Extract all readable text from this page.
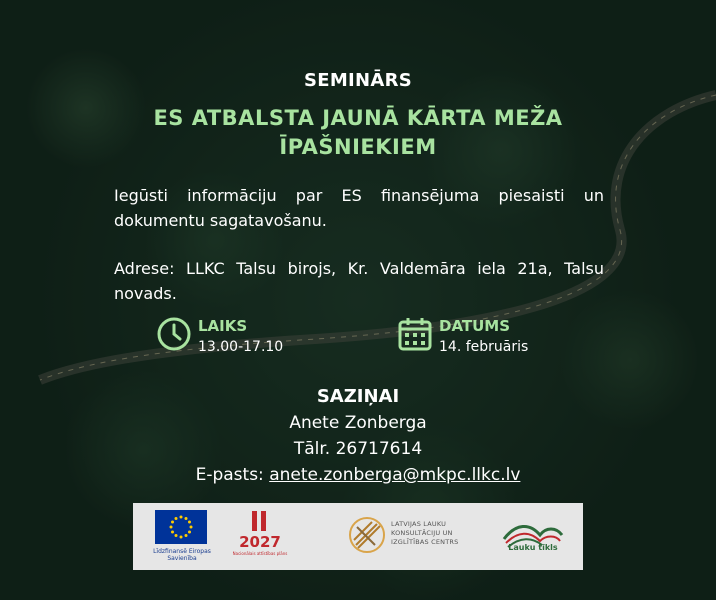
SEMINĀRS
ES ATBALSTA JAUNĀ KĀRTA MEŽA ĪPAŠNIEKIEM
Iegūsti informāciju par ES finansējuma piesaisti un dokumentu sagatavošanu.
Adrese: LLKC Talsu birojs, Kr. Valdemāra iela 21a, Talsu novads.
LAIKS
13.00-17.10
DATUMS
14. februāris
SAZIŅAI
Anete Zonberga
Tālr. 26717614
E-pasts: anete.zonberga@mkpc.llkc.lv
Līdzfinansē Eiropas Savienība
2027
Nacionālais attīstības plāns
LATVIJAS LAUKU KONSULTĀCIJU UN IZGLĪTĪBAS CENTRS
Lauku tīkls
